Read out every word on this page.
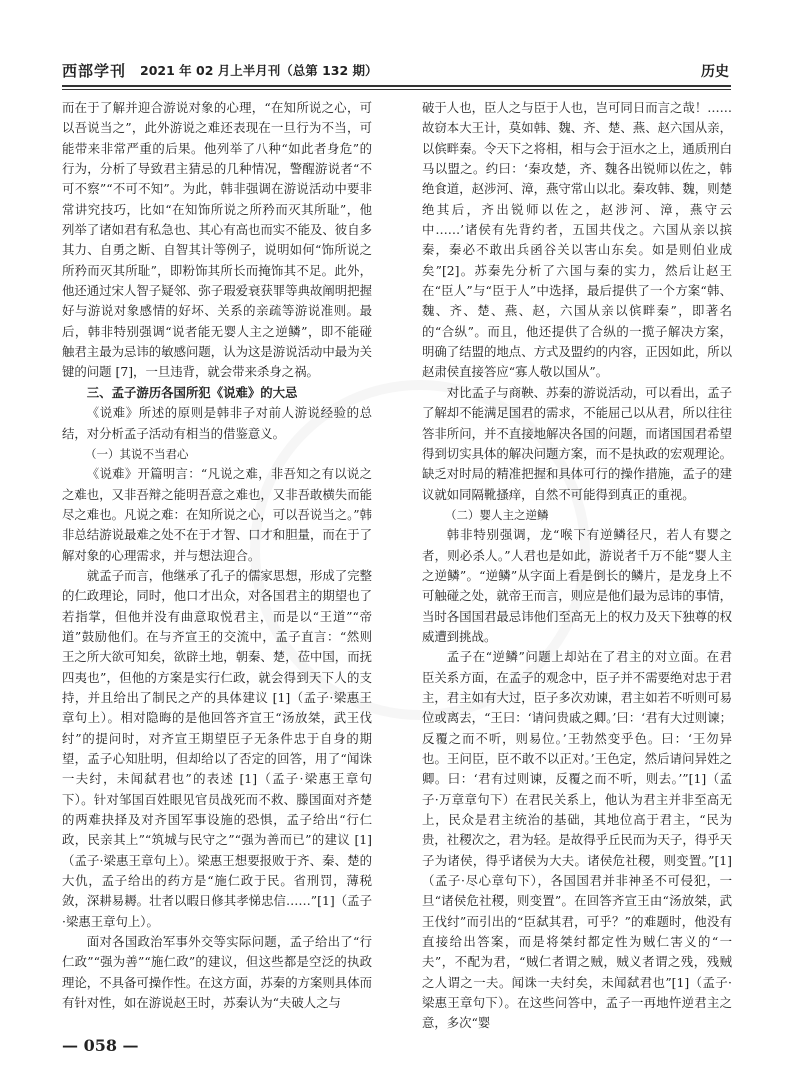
西部学刊 2021 年 02 月上半月刊（总第 132 期）	历史

而在于了解并迎合游说对象的心理，“在知所说之心，可以吾说当之”，此外游说之难还表现在一旦行为不当，可能带来非常严重的后果。他列举了八种“如此者身危”的行为，分析了导致君主猜忌的几种情况，警醒游说者“不可不察”“不可不知”。为此，韩非强调在游说活动中要非常讲究技巧，比如“在知饰所说之所矜而灭其所耻”，他列举了诸如君有私急也、其心有高也而实不能及、彼自多其力、自勇之断、自智其计等例子，说明如何“饰所说之所矜而灭其所耻”，即粉饰其所长而掩饰其不足。此外，他还通过宋人智子疑邻、弥子瑕爱衰获罪等典故阐明把握好与游说对象感情的好坏、关系的亲疏等游说准则。最后，韩非特别强调“说者能无婴人主之逆鳞”，即不能碰触君主最为忌讳的敏感问题，认为这是游说活动中最为关键的问题 [7]，一旦违背，就会带来杀身之祸。

三、孟子游历各国所犯《说难》的大忌

《说难》所述的原则是韩非子对前人游说经验的总结，对分析孟子活动有相当的借鉴意义。

（一）其说不当君心

《说难》开篇明言：“凡说之难，非吾知之有以说之之难也，又非吾辩之能明吾意之难也，又非吾敢横失而能尽之难也。凡说之难：在知所说之心，可以吾说当之。”韩非总结游说最难之处不在于才智、口才和胆量，而在于了解对象的心理需求，并与想法迎合。

就孟子而言，他继承了孔子的儒家思想，形成了完整的仁政理论，同时，他口才出众，对各国君主的期望也了若指掌，但他并没有曲意取悦君主，而是以“王道”“帝道”鼓励他们。在与齐宣王的交流中，孟子直言：“然则王之所大欲可知矣，欲辟土地，朝秦、楚，莅中国，而抚四夷也”，但他的方案是实行仁政，就会得到天下人的支持，并且给出了制民之产的具体建议 [1]（孟子·梁惠王章句上）。相对隐晦的是他回答齐宣王“汤放桀，武王伐纣”的提问时，对齐宣王期望臣子无条件忠于自身的期望，孟子心知肚明，但却给以了否定的回答，用了“闻诛一夫纣，未闻弑君也”的表述 [1]（孟子·梁惠王章句下）。针对邹国百姓眼见官员战死而不救、滕国面对齐楚的两难抉择及对齐国军事设施的恐惧，孟子给出“行仁政，民亲其上”“筑城与民守之”“强为善而已”的建议 [1]（孟子·梁惠王章句上）。梁惠王想要报败于齐、秦、楚的大仇，孟子给出的药方是“施仁政于民。省刑罚，薄税敛，深耕易耨。壮者以暇日修其孝悌忠信……”[1]（孟子·梁惠王章句上）。

面对各国政治军事外交等实际问题，孟子给出了“行仁政”“强为善”“施仁政”的建议，但这些都是空泛的执政理论，不具备可操作性。在这方面，苏秦的方案则具体而有针对性，如在游说赵王时，苏秦认为“夫破人之与

破于人也，臣人之与臣于人也，岂可同日而言之哉！……故窃本大王计，莫如韩、魏、齐、楚、燕、赵六国从亲，以傧畔秦。令天下之将相，相与会于洹水之上，通质刑白马以盟之。约曰：‘秦攻楚，齐、魏各出锐师以佐之，韩绝食道，赵涉河、漳，燕守常山以北。秦攻韩、魏，则楚绝其后，齐出锐师以佐之，赵涉河、漳，燕守云中……’诸侯有先背约者，五国共伐之。六国从亲以摈秦，秦必不敢出兵函谷关以害山东矣。如是则伯业成矣”[2]。苏秦先分析了六国与秦的实力，然后让赵王在“臣人”与“臣于人”中选择，最后提供了一个方案“韩、魏、齐、楚、燕、赵，六国从亲以傧畔秦”，即著名的“合纵”。而且，他还提供了合纵的一揽子解决方案，明确了结盟的地点、方式及盟约的内容，正因如此，所以赵肃侯直接答应“寡人敬以国从”。

对比孟子与商鞅、苏秦的游说活动，可以看出，孟子了解却不能满足国君的需求，不能屈己以从君，所以往往答非所问，并不直接地解决各国的问题，而诸国国君希望得到切实具体的解决问题方案，而不是执政的宏观理论。缺乏对时局的精准把握和具体可行的操作措施，孟子的建议就如同隔靴搔痒，自然不可能得到真正的重视。

（二）婴人主之逆鳞

韩非特别强调，龙“喉下有逆鳞径尺，若人有婴之者，则必杀人。”人君也是如此，游说者千万不能“婴人主之逆鳞”。“逆鳞”从字面上看是倒长的鳞片，是龙身上不可触碰之处，就帝王而言，则应是他们最为忌讳的事情，当时各国国君最忌讳他们至高无上的权力及天下独尊的权威遭到挑战。

孟子在“逆鳞”问题上却站在了君主的对立面。在君臣关系方面，在孟子的观念中，臣子并不需要绝对忠于君主，君主如有大过，臣子多次劝谏，君主如若不听则可易位或离去，“王曰：‘请问贵戚之卿。’曰：‘君有大过则谏；反覆之而不听，则易位。’王勃然变乎色。曰：‘王勿异也。王问臣，臣不敢不以正对。’王色定，然后请问异姓之卿。曰：‘君有过则谏，反覆之而不听，则去。’”[1]（孟子·万章章句下）在君民关系上，他认为君主并非至高无上，民众是君主统治的基础，其地位高于君主，“民为贵，社稷次之，君为轻。是故得乎丘民而为天子，得乎天子为诸侯，得乎诸侯为大夫。诸侯危社稷，则变置。”[1]（孟子·尽心章句下），各国国君并非神圣不可侵犯，一旦“诸侯危社稷，则变置”。在回答齐宣王由“汤放桀，武王伐纣”而引出的“臣弑其君，可乎？”的难题时，他没有直接给出答案，而是将桀纣都定性为贼仁害义的“一夫”，不配为君，“贼仁者谓之贼，贼义者谓之残，残贼之人谓之一夫。闻诛一夫纣矣，未闻弑君也”[1]（孟子·梁惠王章句下）。在这些问答中，孟子一再地忤逆君主之意，多次“婴

— 058 —
